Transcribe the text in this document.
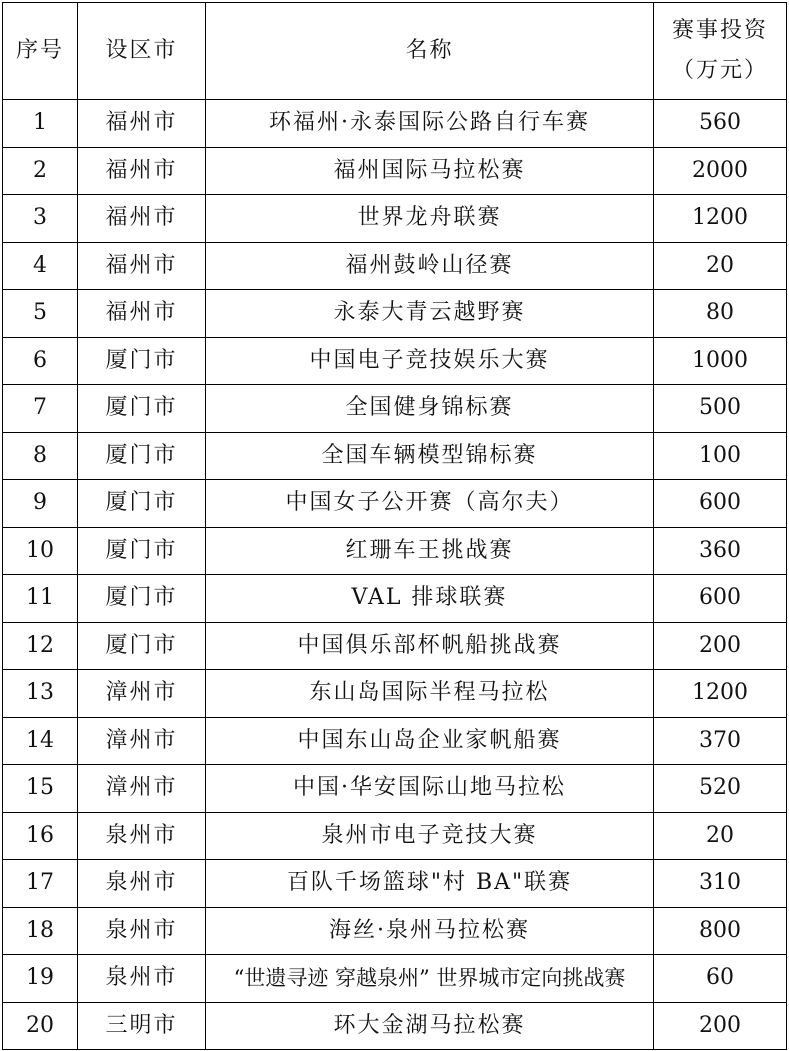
序号	设区市	名称	赛事投资
（万元）

1	福州市	环福州·永泰国际公路自行车赛	560
2	福州市	福州国际马拉松赛	2000
3	福州市	世界龙舟联赛	1200
4	福州市	福州鼓岭山径赛	20
5	福州市	永泰大青云越野赛	80
6	厦门市	中国电子竞技娱乐大赛	1000
7	厦门市	全国健身锦标赛	500
8	厦门市	全国车辆模型锦标赛	100
9	厦门市	中国女子公开赛（高尔夫）	600
10	厦门市	红珊车王挑战赛	360
11	厦门市	VAL 排球联赛	600
12	厦门市	中国俱乐部杯帆船挑战赛	200
13	漳州市	东山岛国际半程马拉松	1200
14	漳州市	中国东山岛企业家帆船赛	370
15	漳州市	中国·华安国际山地马拉松	520
16	泉州市	泉州市电子竞技大赛	20
17	泉州市	百队千场篮球"村 BA"联赛	310
18	泉州市	海丝·泉州马拉松赛	800
19	泉州市	“世遗寻迹 穿越泉州” 世界城市定向挑战赛	60
20	三明市	环大金湖马拉松赛	200
